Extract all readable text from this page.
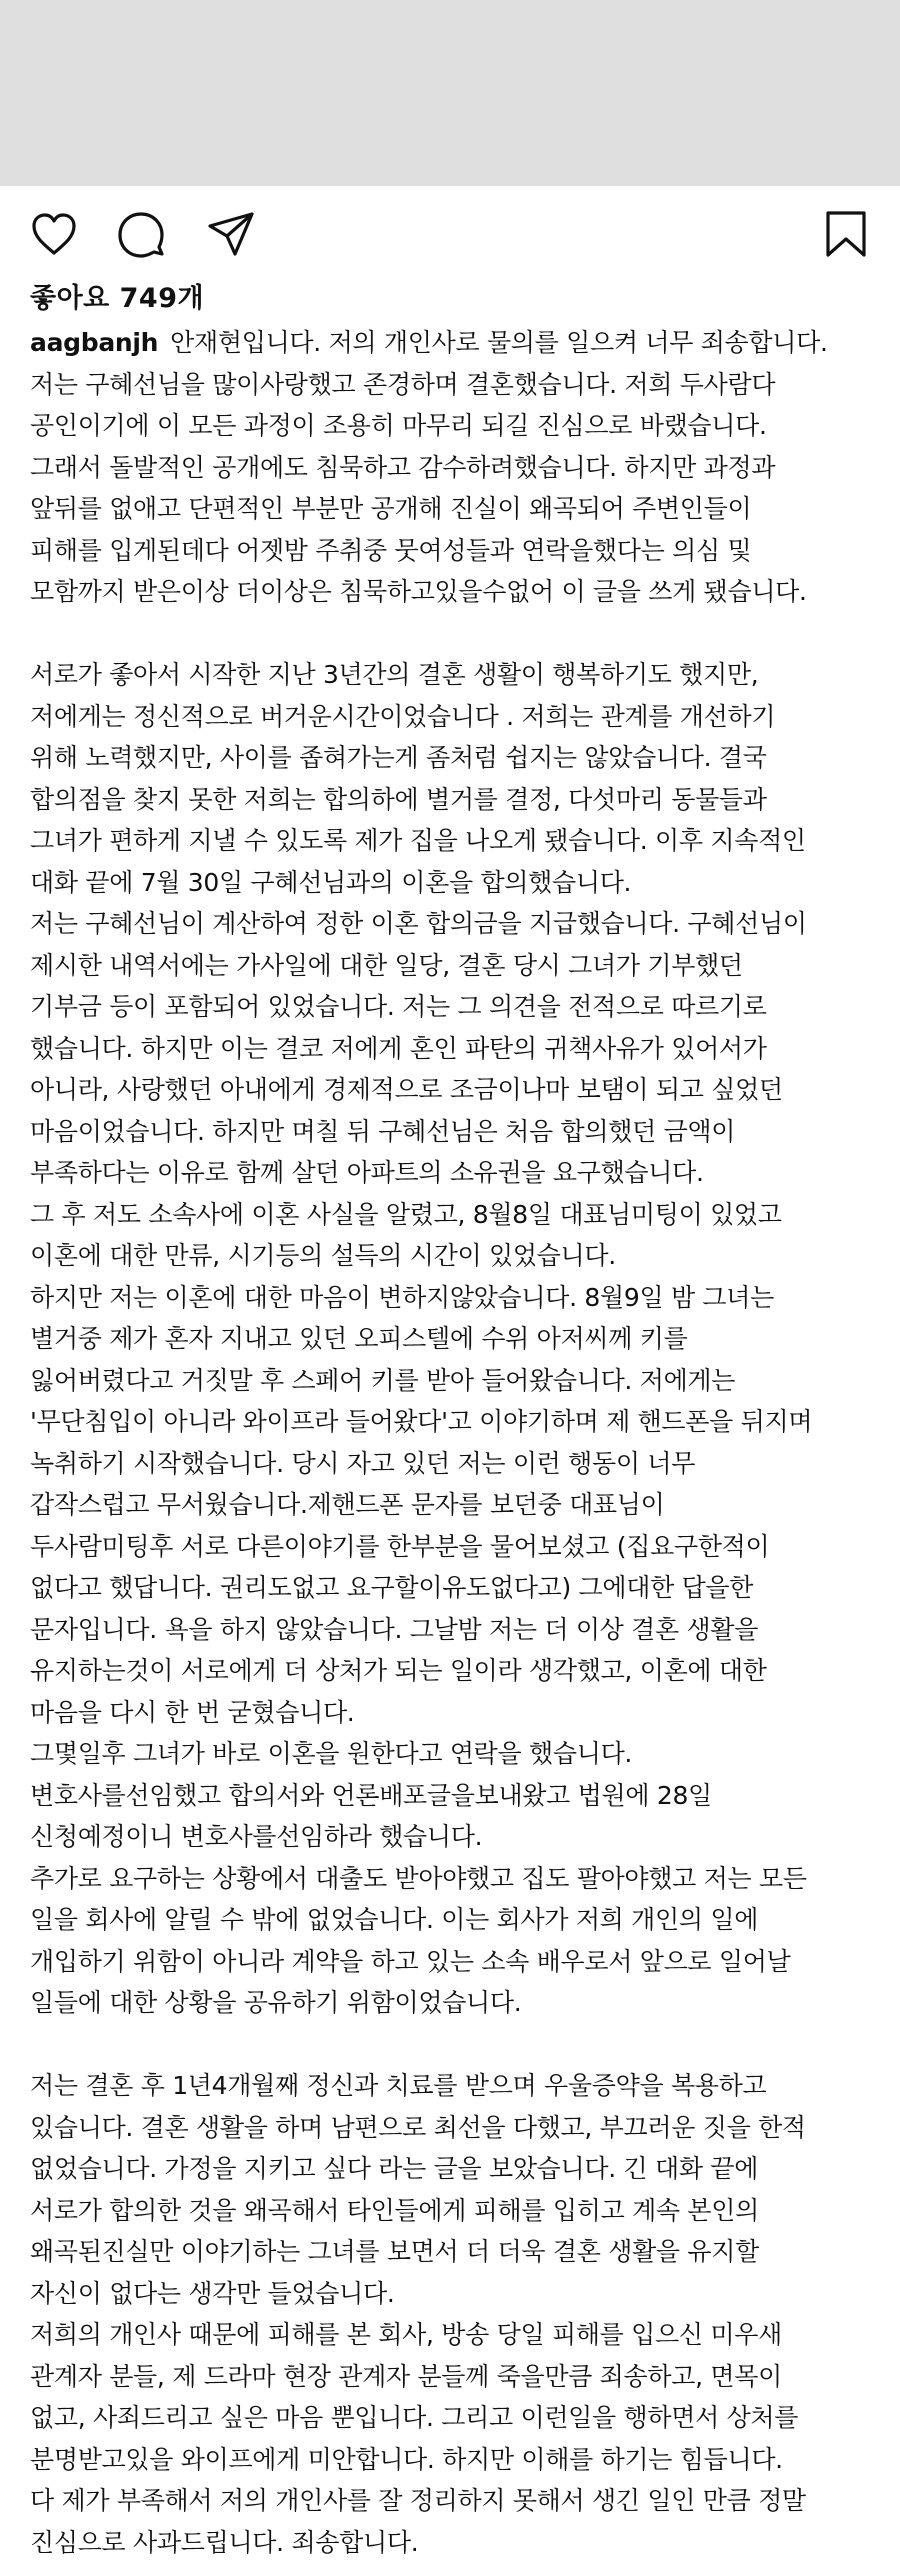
좋아요 749개
aagbanjh 안재현입니다. 저의 개인사로 물의를 일으켜 너무 죄송합니다.
저는 구혜선님을 많이사랑했고 존경하며 결혼했습니다. 저희 두사람다
공인이기에 이 모든 과정이 조용히 마무리 되길 진심으로 바랬습니다.
그래서 돌발적인 공개에도 침묵하고 감수하려했습니다. 하지만 과정과
앞뒤를 없애고 단편적인 부분만 공개해 진실이 왜곡되어 주변인들이
피해를 입게된데다 어젯밤 주취중 뭇여성들과 연락을했다는 의심 및
모함까지 받은이상 더이상은 침묵하고있을수없어 이 글을 쓰게 됐습니다.
서로가 좋아서 시작한 지난 3년간의 결혼 생활이 행복하기도 했지만,
저에게는 정신적으로 버거운시간이었습니다 . 저희는 관계를 개선하기
위해 노력했지만, 사이를 좁혀가는게 좀처럼 쉽지는 않았습니다. 결국
합의점을 찾지 못한 저희는 합의하에 별거를 결정, 다섯마리 동물들과
그녀가 편하게 지낼 수 있도록 제가 집을 나오게 됐습니다. 이후 지속적인
대화 끝에 7월 30일 구혜선님과의 이혼을 합의했습니다.
저는 구혜선님이 계산하여 정한 이혼 합의금을 지급했습니다. 구혜선님이
제시한 내역서에는 가사일에 대한 일당, 결혼 당시 그녀가 기부했던
기부금 등이 포함되어 있었습니다. 저는 그 의견을 전적으로 따르기로
했습니다. 하지만 이는 결코 저에게 혼인 파탄의 귀책사유가 있어서가
아니라, 사랑했던 아내에게 경제적으로 조금이나마 보탬이 되고 싶었던
마음이었습니다. 하지만 며칠 뒤 구혜선님은 처음 합의했던 금액이
부족하다는 이유로 함께 살던 아파트의 소유권을 요구했습니다.
그 후 저도 소속사에 이혼 사실을 알렸고, 8월8일 대표님미팅이 있었고
이혼에 대한 만류, 시기등의 설득의 시간이 있었습니다.
하지만 저는 이혼에 대한 마음이 변하지않았습니다. 8월9일 밤 그녀는
별거중 제가 혼자 지내고 있던 오피스텔에 수위 아저씨께 키를
잃어버렸다고 거짓말 후 스페어 키를 받아 들어왔습니다. 저에게는
'무단침입이 아니라 와이프라 들어왔다'고 이야기하며 제 핸드폰을 뒤지며
녹취하기 시작했습니다. 당시 자고 있던 저는 이런 행동이 너무
갑작스럽고 무서웠습니다.제핸드폰 문자를 보던중 대표님이
두사람미팅후 서로 다른이야기를 한부분을 물어보셨고 (집요구한적이
없다고 했답니다. 권리도없고 요구할이유도없다고) 그에대한 답을한
문자입니다. 욕을 하지 않았습니다. 그날밤 저는 더 이상 결혼 생활을
유지하는것이 서로에게 더 상처가 되는 일이라 생각했고, 이혼에 대한
마음을 다시 한 번 굳혔습니다.
그몇일후 그녀가 바로 이혼을 원한다고 연락을 했습니다.
변호사를선임했고 합의서와 언론배포글을보내왔고 법원에 28일
신청예정이니 변호사를선임하라 했습니다.
추가로 요구하는 상황에서 대출도 받아야했고 집도 팔아야했고 저는 모든
일을 회사에 알릴 수 밖에 없었습니다. 이는 회사가 저희 개인의 일에
개입하기 위함이 아니라 계약을 하고 있는 소속 배우로서 앞으로 일어날
일들에 대한 상황을 공유하기 위함이었습니다.
저는 결혼 후 1년4개월째 정신과 치료를 받으며 우울증약을 복용하고
있습니다. 결혼 생활을 하며 남편으로 최선을 다했고, 부끄러운 짓을 한적
없었습니다. 가정을 지키고 싶다 라는 글을 보았습니다. 긴 대화 끝에
서로가 합의한 것을 왜곡해서 타인들에게 피해를 입히고 계속 본인의
왜곡된진실만 이야기하는 그녀를 보면서 더 더욱 결혼 생활을 유지할
자신이 없다는 생각만 들었습니다.
저희의 개인사 때문에 피해를 본 회사, 방송 당일 피해를 입으신 미우새
관계자 분들, 제 드라마 현장 관계자 분들께 죽을만큼 죄송하고, 면목이
없고, 사죄드리고 싶은 마음 뿐입니다. 그리고 이런일을 행하면서 상처를
분명받고있을 와이프에게 미안합니다. 하지만 이해를 하기는 힘듭니다.
다 제가 부족해서 저의 개인사를 잘 정리하지 못해서 생긴 일인 만큼 정말
진심으로 사과드립니다. 죄송합니다.
